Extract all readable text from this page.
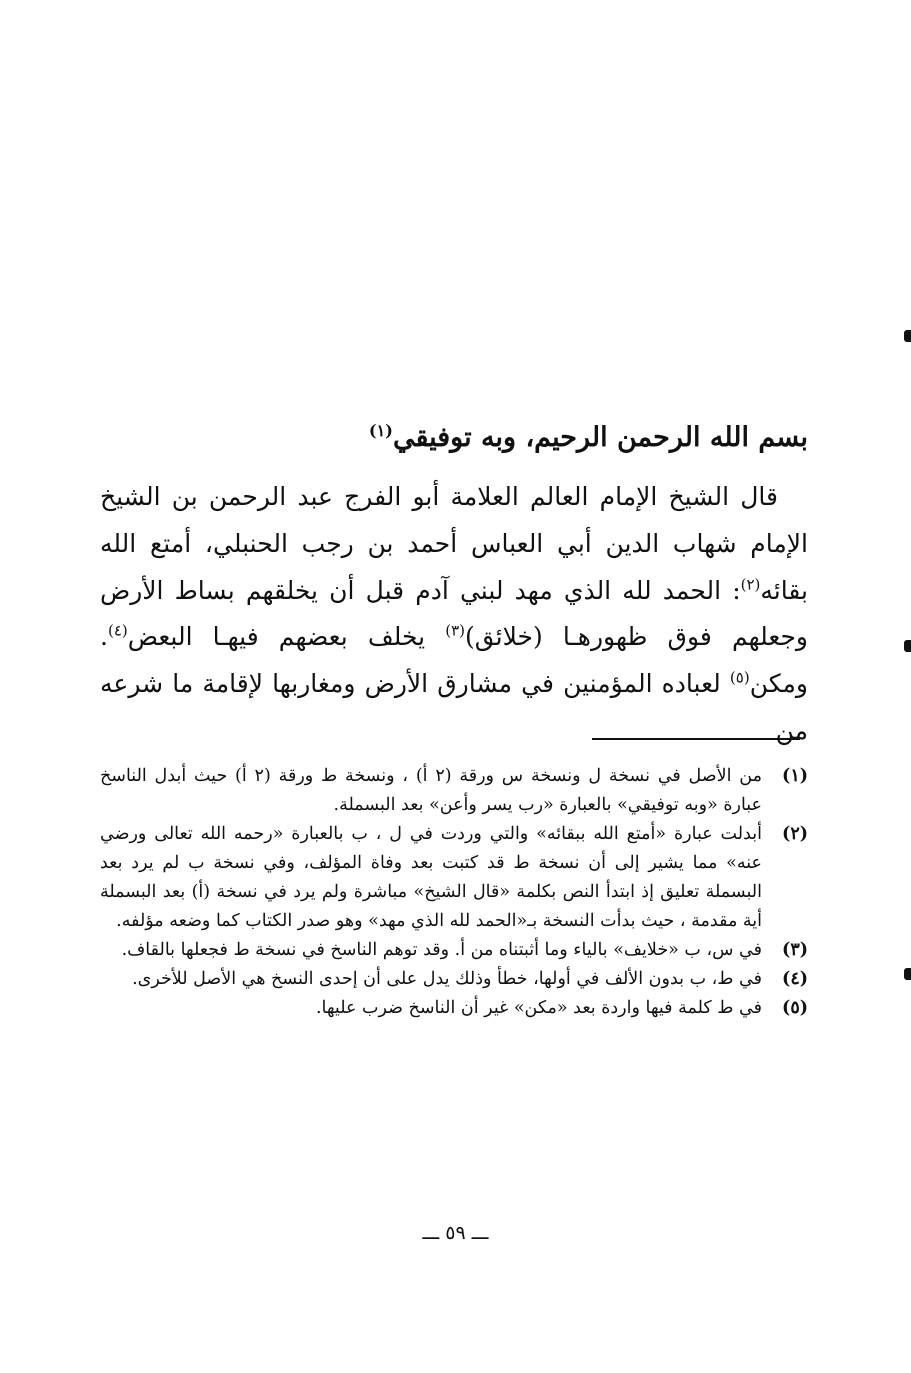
بسم الله الرحمن الرحيم، وبه توفيقي$^{(١)}$

قال الشيخ الإمام العالم العلامة أبو الفرج عبد الرحمن بن الشيخ الإمام شهاب الدين أبي العباس أحمد بن رجب الحنبلي، أمتع الله بقائه$^{(٢)}$: الحمد لله الذي مهد لبني آدم قبل أن يخلقهم بساط الأرض وجعلهم فوق ظهورهـا (خلائق)$^{(٣)}$ يخلف بعضهم فيهـا البعض$^{(٤)}$. ومكن$^{(٥)}$ لعباده المؤمنين في مشارق الأرض ومغاربها لإقامة ما شرعه من

(١)
من الأصل في نسخة ل ونسخة س ورقة (٢ أ) ، ونسخة ط ورقة (٢ أ) حيث أبدل الناسخ عبارة «وبه توفيقي» بالعبارة «رب يسر وأعن» بعد البسملة.

(٢)
أبدلت عبارة «أمتع الله ببقائه» والتي وردت في ل ، ب بالعبارة «رحمه الله تعالى ورضي عنه» مما يشير إلى أن نسخة ط قد كتبت بعد وفاة المؤلف، وفي نسخة ب لم يرد بعد البسملة تعليق إذ ابتدأ النص بكلمة «قال الشيخ» مباشرة ولم يرد في نسخة (أ) بعد البسملة أية مقدمة ، حيث بدأت النسخة بـ«الحمد لله الذي مهد» وهو صدر الكتاب كما وضعه مؤلفه.

(٣)
في س، ب «خلايف» بالياء وما أثبتناه من أ. وقد توهم الناسخ في نسخة ط فجعلها بالقاف.

(٤)
في ط، ب بدون الألف في أولها، خطأ وذلك يدل على أن إحدى النسخ هي الأصل للأخرى.

(٥)
في ط كلمة فيها واردة بعد «مكن» غير أن الناسخ ضرب عليها.

ـــ ٥٩ ـــ
